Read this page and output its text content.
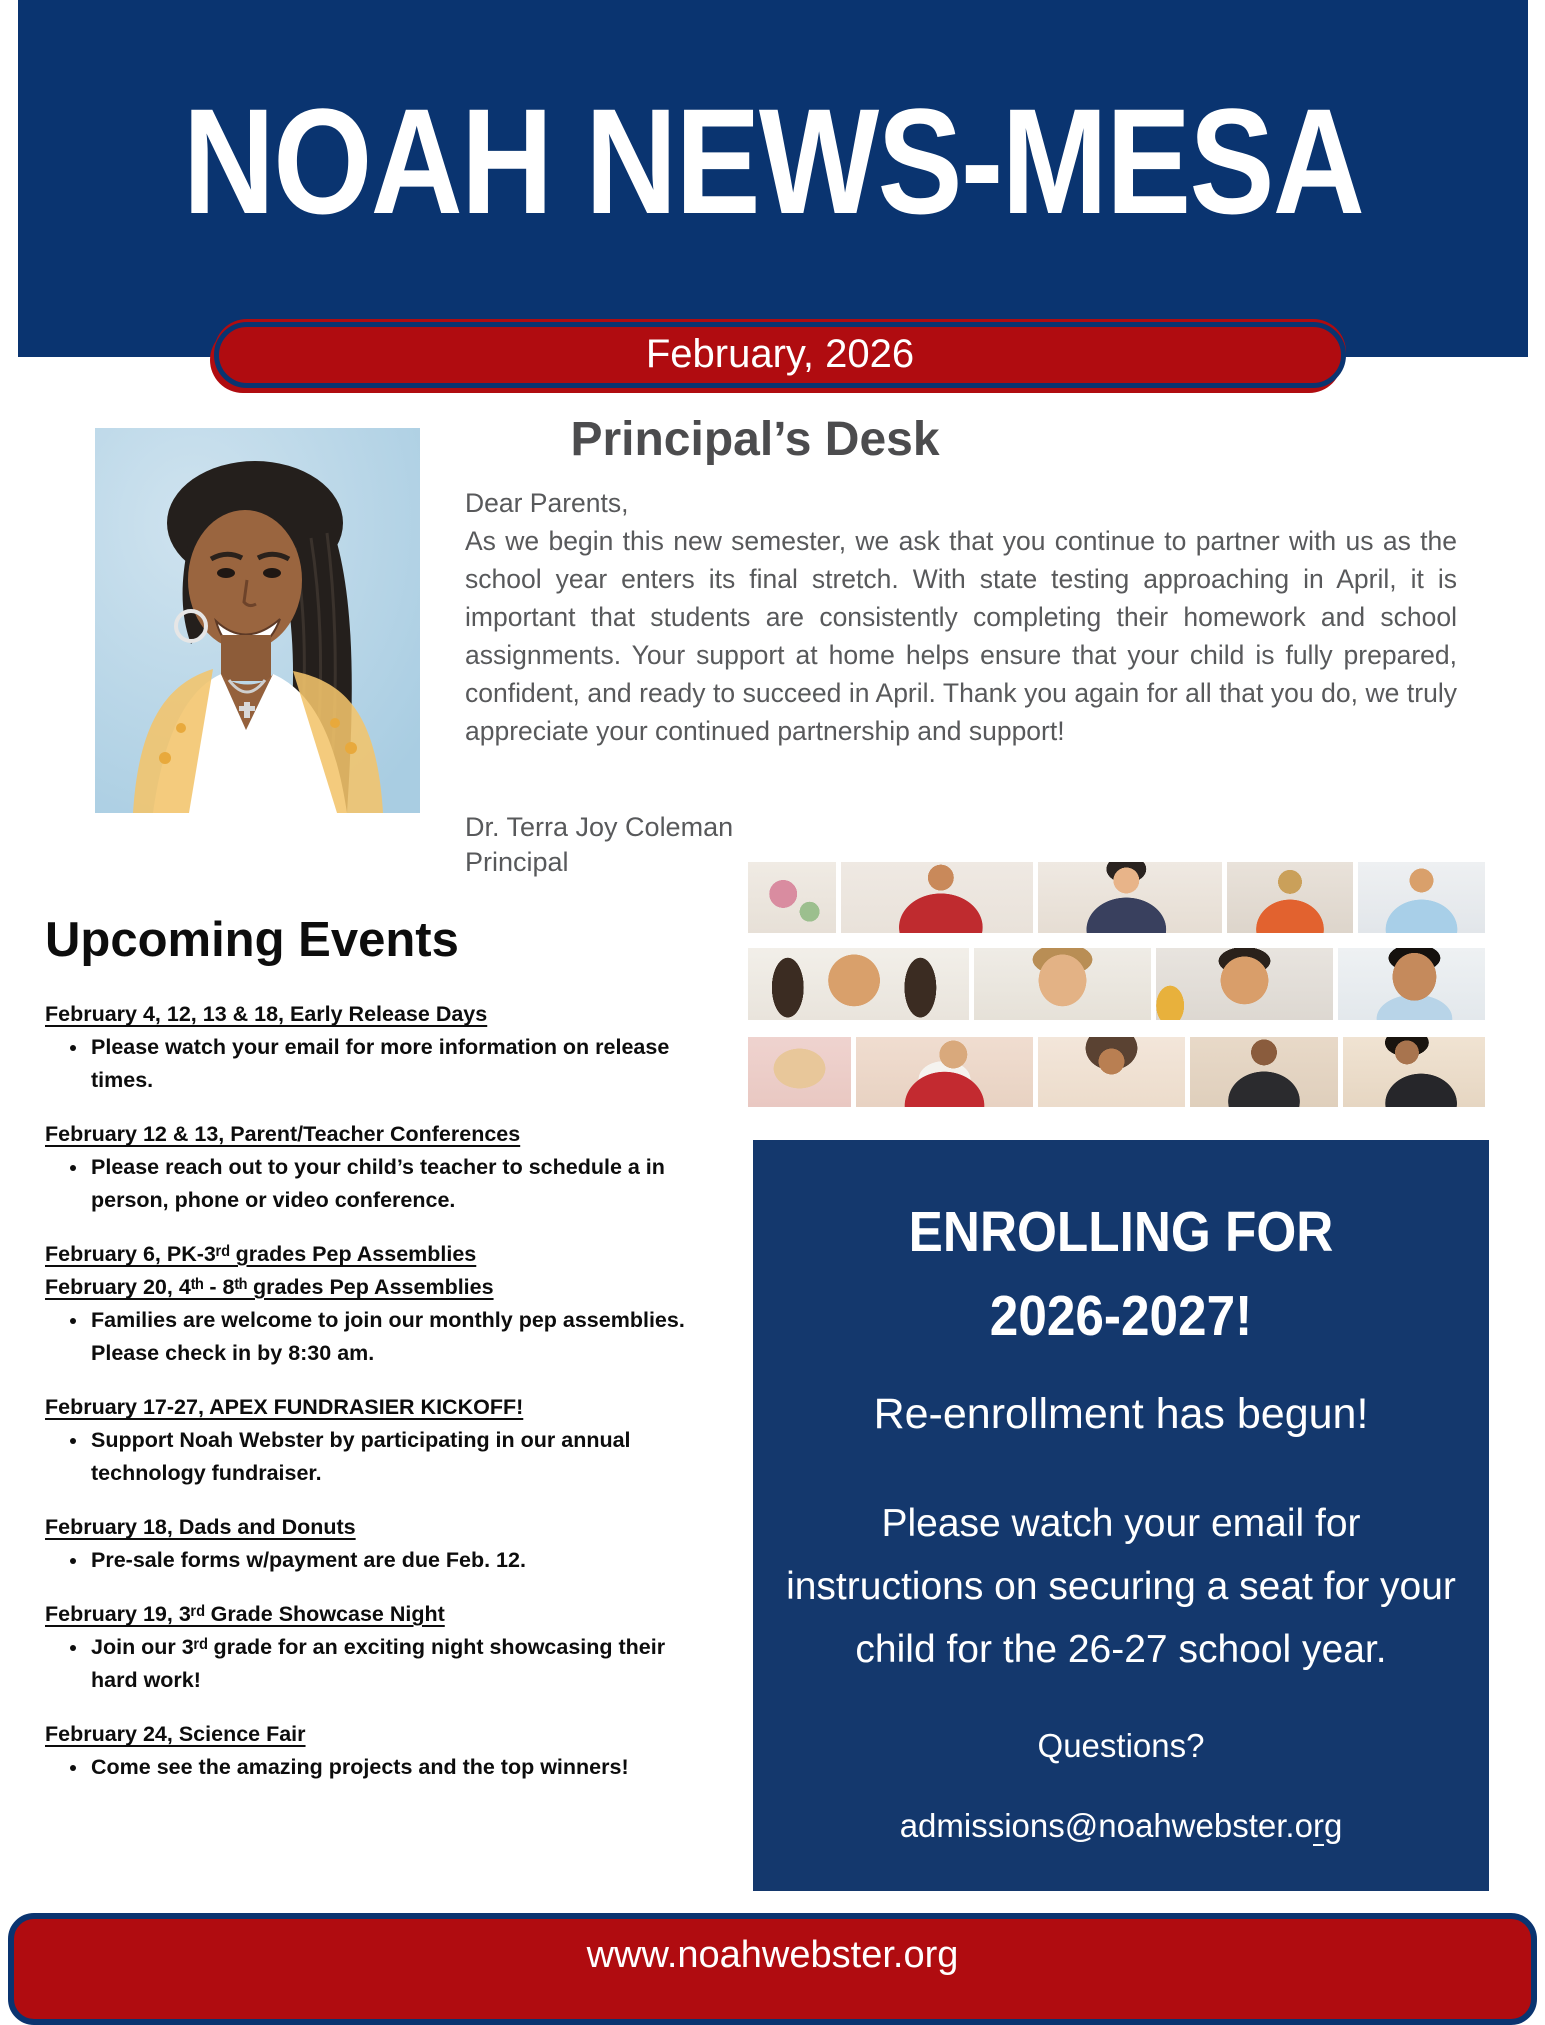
NOAH NEWS-MESA
February, 2026
Principal’s Desk
Dear Parents,

As we begin this new semester, we ask that you continue to partner with us as the school year enters its final stretch. With state testing approaching in April, it is important that students are consistently completing their homework and school assignments. Your support at home helps ensure that your child is fully prepared, confident, and ready to succeed in April. Thank you again for all that you do, we truly appreciate your continued partnership and support!

Dr. Terra Joy Coleman
Principal
Upcoming Events
February 4, 12, 13 & 18, Early Release Days
• Please watch your email for more information on release times.
February 12 & 13, Parent/Teacher Conferences
• Please reach out to your child’s teacher to schedule a in person, phone or video conference.
February 6, PK-3ʳᵈ grades Pep Assemblies
February 20, 4ᵗʰ - 8ᵗʰ grades Pep Assemblies
• Families are welcome to join our monthly pep assemblies. Please check in by 8:30 am.
February 17-27, APEX FUNDRASIER KICKOFF!
• Support Noah Webster by participating in our annual technology fundraiser.
February 18, Dads and Donuts
• Pre-sale forms w/payment are due Feb. 12.
February 19, 3ʳᵈ Grade Showcase Night
• Join our 3ʳᵈ grade for an exciting night showcasing their hard work!
February 24, Science Fair
• Come see the amazing projects and the top winners!
ENROLLING FOR
2026-2027!
Re-enrollment has begun!
Please watch your email for instructions on securing a seat for your child for the 26-27 school year.
Questions?
admissions@noahwebster.org
www.noahwebster.org
